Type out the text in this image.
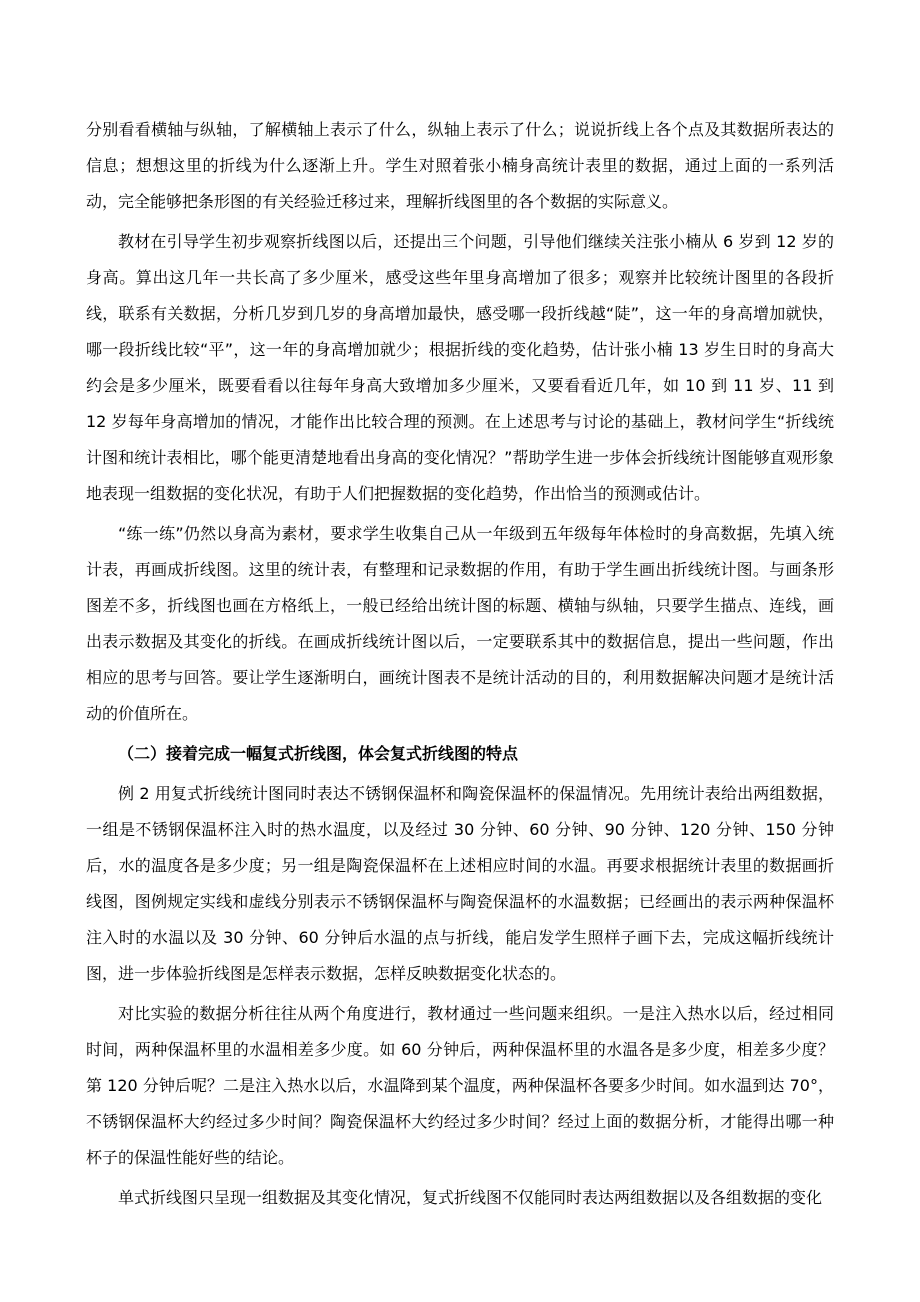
分别看看横轴与纵轴，了解横轴上表示了什么，纵轴上表示了什么；说说折线上各个点及其数据所表达的信息；想想这里的折线为什么逐渐上升。学生对照着张小楠身高统计表里的数据，通过上面的一系列活动，完全能够把条形图的有关经验迁移过来，理解折线图里的各个数据的实际意义。

教材在引导学生初步观察折线图以后，还提出三个问题，引导他们继续关注张小楠从 6 岁到 12 岁的身高。算出这几年一共长高了多少厘米，感受这些年里身高增加了很多；观察并比较统计图里的各段折线，联系有关数据，分析几岁到几岁的身高增加最快，感受哪一段折线越“陡”，这一年的身高增加就快，哪一段折线比较“平”，这一年的身高增加就少；根据折线的变化趋势，估计张小楠 13 岁生日时的身高大约会是多少厘米，既要看看以往每年身高大致增加多少厘米，又要看看近几年，如 10 到 11 岁、11 到 12 岁每年身高增加的情况，才能作出比较合理的预测。在上述思考与讨论的基础上，教材问学生“折线统计图和统计表相比，哪个能更清楚地看出身高的变化情况？”帮助学生进一步体会折线统计图能够直观形象地表现一组数据的变化状况，有助于人们把握数据的变化趋势，作出恰当的预测或估计。

“练一练”仍然以身高为素材，要求学生收集自己从一年级到五年级每年体检时的身高数据，先填入统计表，再画成折线图。这里的统计表，有整理和记录数据的作用，有助于学生画出折线统计图。与画条形图差不多，折线图也画在方格纸上，一般已经给出统计图的标题、横轴与纵轴，只要学生描点、连线，画出表示数据及其变化的折线。在画成折线统计图以后，一定要联系其中的数据信息，提出一些问题，作出相应的思考与回答。要让学生逐渐明白，画统计图表不是统计活动的目的，利用数据解决问题才是统计活动的价值所在。

（二）接着完成一幅复式折线图，体会复式折线图的特点

例 2 用复式折线统计图同时表达不锈钢保温杯和陶瓷保温杯的保温情况。先用统计表给出两组数据，一组是不锈钢保温杯注入时的热水温度，以及经过 30 分钟、60 分钟、90 分钟、120 分钟、150 分钟后，水的温度各是多少度；另一组是陶瓷保温杯在上述相应时间的水温。再要求根据统计表里的数据画折线图，图例规定实线和虚线分别表示不锈钢保温杯与陶瓷保温杯的水温数据；已经画出的表示两种保温杯注入时的水温以及 30 分钟、60 分钟后水温的点与折线，能启发学生照样子画下去，完成这幅折线统计图，进一步体验折线图是怎样表示数据，怎样反映数据变化状态的。

对比实验的数据分析往往从两个角度进行，教材通过一些问题来组织。一是注入热水以后，经过相同时间，两种保温杯里的水温相差多少度。如 60 分钟后，两种保温杯里的水温各是多少度，相差多少度？第 120 分钟后呢？二是注入热水以后，水温降到某个温度，两种保温杯各要多少时间。如水温到达 70°，不锈钢保温杯大约经过多少时间？陶瓷保温杯大约经过多少时间？经过上面的数据分析，才能得出哪一种杯子的保温性能好些的结论。

单式折线图只呈现一组数据及其变化情况，复式折线图不仅能同时表达两组数据以及各组数据的变化
